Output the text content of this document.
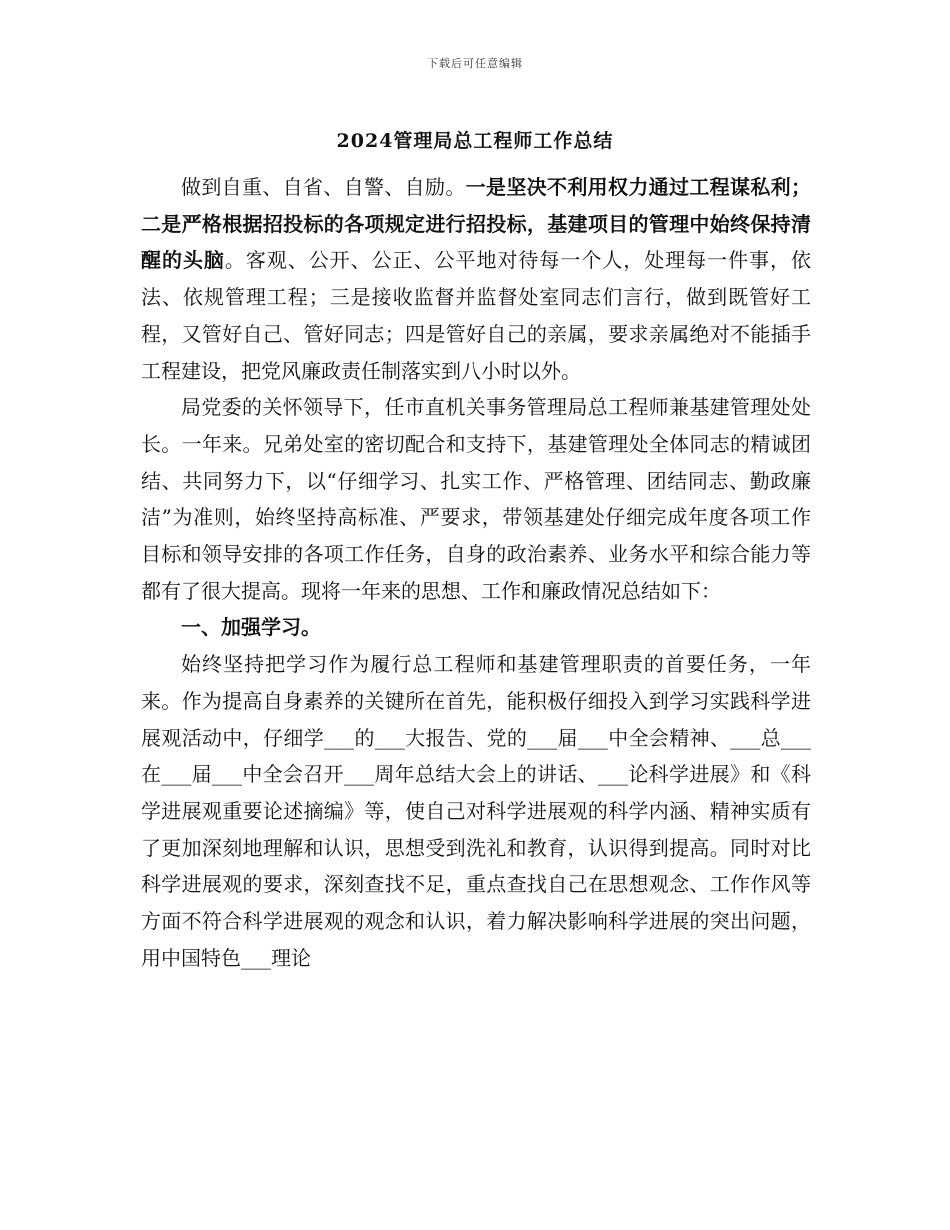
下载后可任意编辑
2024管理局总工程师工作总结

做到自重、自省、自警、自励。一是坚决不利用权力通过工程谋私利；二是严格根据招投标的各项规定进行招投标，基建项目的管理中始终保持清醒的头脑。客观、公开、公正、公平地对待每一个人，处理每一件事，依法、依规管理工程；三是接收监督并监督处室同志们言行，做到既管好工程，又管好自己、管好同志；四是管好自己的亲属，要求亲属绝对不能插手工程建设，把党风廉政责任制落实到八小时以外。

局党委的关怀领导下，任市直机关事务管理局总工程师兼基建管理处处长。一年来。兄弟处室的密切配合和支持下，基建管理处全体同志的精诚团结、共同努力下，以“仔细学习、扎实工作、严格管理、团结同志、勤政廉洁”为准则，始终坚持高标准、严要求，带领基建处仔细完成年度各项工作目标和领导安排的各项工作任务，自身的政治素养、业务水平和综合能力等都有了很大提高。现将一年来的思想、工作和廉政情况总结如下：

一、加强学习。

始终坚持把学习作为履行总工程师和基建管理职责的首要任务，一年来。作为提高自身素养的关键所在首先，能积极仔细投入到学习实践科学进展观活动中，仔细学___的___大报告、党的___届___中全会精神、___总___在___届___中全会召开___周年总结大会上的讲话、___论科学进展》和《科学进展观重要论述摘编》等，使自己对科学进展观的科学内涵、精神实质有了更加深刻地理解和认识，思想受到洗礼和教育，认识得到提高。同时对比科学进展观的要求，深刻查找不足，重点查找自己在思想观念、工作作风等方面不符合科学进展观的观念和认识，着力解决影响科学进展的突出问题，用中国特色___理论
